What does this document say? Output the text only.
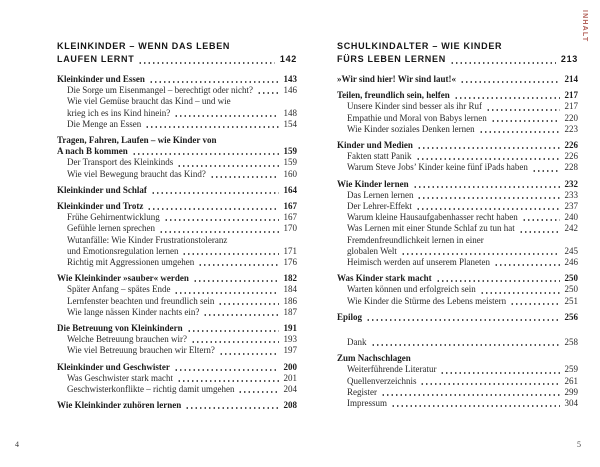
KLEINKINDER – WENN DAS LEBEN
LAUFEN LERNT	142
Kleinkinder und Essen	143
Die Sorge um Eisenmangel – berechtigt oder nicht?	146
Wie viel Gemüse braucht das Kind – und wie
krieg ich es ins Kind hinein?	148
Die Menge an Essen	154
Tragen, Fahren, Laufen – wie Kinder von
A nach B kommen	159
Der Transport des Kleinkinds	159
Wie viel Bewegung braucht das Kind?	160
Kleinkinder und Schlaf	164
Kleinkinder und Trotz	167
Frühe Gehirnentwicklung	167
Gefühle lernen sprechen	170
Wutanfälle: Wie Kinder Frustrationstoleranz
und Emotionsregulation lernen	171
Richtig mit Aggressionen umgehen	176
Wie Kleinkinder »sauber« werden	182
Später Anfang – spätes Ende	184
Lernfenster beachten und freundlich sein	186
Wie lange nässen Kinder nachts ein?	187
Die Betreuung von Kleinkindern	191
Welche Betreuung brauchen wir?	193
Wie viel Betreuung brauchen wir Eltern?	197
Kleinkinder und Geschwister	200
Was Geschwister stark macht	201
Geschwisterkonflikte – richtig damit umgehen	204
Wie Kleinkinder zuhören lernen	208
SCHULKINDALTER – WIE KINDER
FÜRS LEBEN LERNEN	213
»Wir sind hier! Wir sind laut!«	214
Teilen, freundlich sein, helfen	217
Unsere Kinder sind besser als ihr Ruf	217
Empathie und Moral von Babys lernen	220
Wie Kinder soziales Denken lernen	223
Kinder und Medien	226
Fakten statt Panik	226
Warum Steve Jobs’ Kinder keine fünf iPads haben	228
Wie Kinder lernen	232
Das Lernen lernen	233
Der Lehrer-Effekt	237
Warum kleine Hausaufgabenhasser recht haben	240
Was Lernen mit einer Stunde Schlaf zu tun hat	242
Fremdenfreundlichkeit lernen in einer
globalen Welt	245
Heimisch werden auf unserem Planeten	246
Was Kinder stark macht	250
Warten können und erfolgreich sein	250
Wie Kinder die Stürme des Lebens meistern	251
Epilog	256
Dank	258
Zum Nachschlagen
Weiterführende Literatur	259
Quellenverzeichnis	261
Register	299
Impressum	304
4	5
INHALT
